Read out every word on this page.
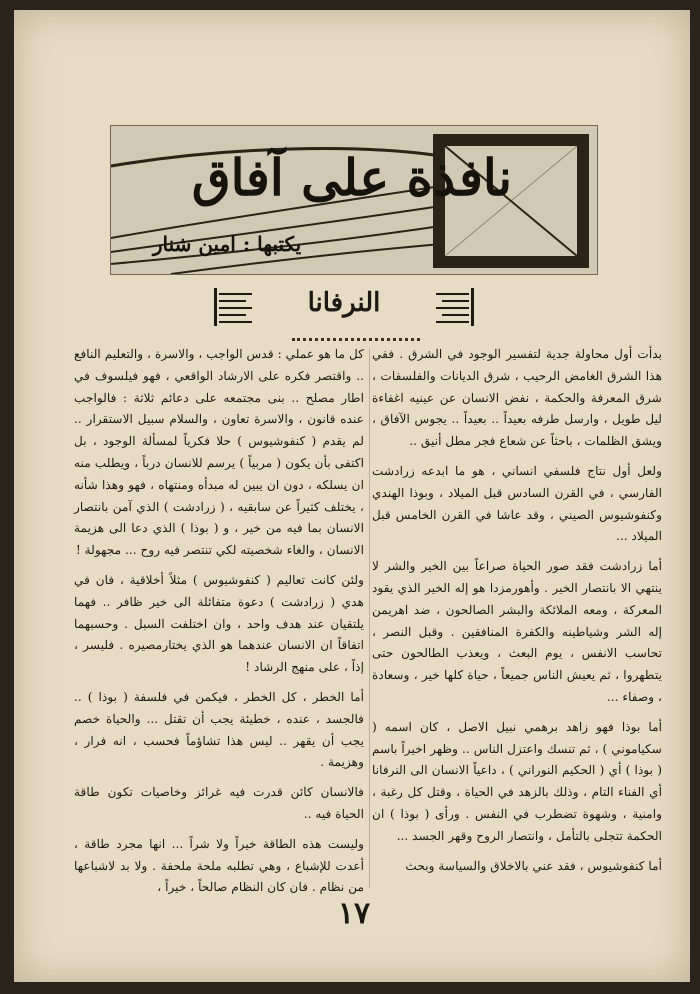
نافذة على آفاق
يكتبها : امين شنار
النرفانا

بدأت أول محاولة جدية لتفسير الوجود في الشرق . ففي هذا الشرق الغامض الرحيب ، شرق الديانات والفلسفات ، شرق المعرفة والحكمة ، نفض الانسان عن عينيه اغفاءة ليل طويل ، وارسل طرفه بعيداً .. بعيداً .. يجوس الآفاق ، ويشق الظلمات ، باحثاً عن شعاع فجر مطل أنيق ..

ولعل أول نتاج فلسفي انساني ، هو ما ابدعه زرادشت الفارسي ، في القرن السادس قبل الميلاد ، وبوذا الهندي وكنفوشيوس الصيني ، وقد عاشا في القرن الخامس قبل الميلاد ...

أما زرادشت فقد صور الحياة صراعاً بين الخير والشر لا ينتهي الا بانتصار الخير . وأهورمزدا هو إله الخير الذي يقود المعركة ، ومعه الملائكة والبشر الصالحون ، ضد اهريمن إله الشر وشياطينه والكفرة المنافقين . وقبل النصر ، تحاسب الانفس ، يوم البعث ، ويعذب الطالحون حتى يتطهروا ، ثم يعيش الناس جميعاً ، حياة كلها خير ، وسعادة ، وصفاء ...

أما بوذا فهو زاهد برهمي نبيل الاصل ، كان اسمه ( سكياموني ) ، ثم تنسك واعتزل الناس .. وظهر اخيراً باسم ( بوذا ) أي ( الحكيم النوراني ) ، داعياً الانسان الى النرفانا أي الفناء التام ، وذلك بالزهد في الحياة ، وقتل كل رغبة ، وامنية ، وشهوة تضطرب في النفس . ورأى ( بوذا ) ان الحكمة تتجلى بالتأمل ، وانتصار الروح وقهر الجسد ...

أما كنفوشيوس ، فقد عني بالاخلاق والسياسة وبحث

كل ما هو عملي : قدس الواجب ، والاسرة ، والتعليم النافع .. واقتصر فكره على الارشاد الواقعي ، فهو فيلسوف في اطار مصلح .. بنى مجتمعه على دعائم ثلاثة : فالواجب عنده قانون ، والاسرة تعاون ، والسلام سبيل الاستقرار .. لم يقدم ( كنفوشيوس ) حلا فكرياً لمسألة الوجود ، بل اكتفى بأن يكون ( مربياً ) يرسم للانسان درباً ، ويطلب منه ان يسلكه ، دون ان يبين له مبدأه ومنتهاه ، فهو وهذا شأنه ، يختلف كثيراً عن سابقيه ، ( زرادشت ) الذي آمن بانتصار الانسان بما فيه من خير ، و ( بوذا ) الذي دعا الى هزيمة الانسان ، والغاء شخصيته لكي تنتصر فيه روح ... مجهولة !

ولئن كانت تعاليم ( كنفوشيوس ) مثلاً أخلاقية ، فان في هدي ( زرادشت ) دعوة متفائلة الى خير ظافر .. فهما يلتقيان عند هدف واحد ، وان اختلفت السبل . وحسبهما اتفاقاً ان الانسان عندهما هو الذي يختارمصيره . فليسر ، إذاً ، على منهج الرشاد !

أما الخطر ، كل الخطر ، فيكمن في فلسفة ( بوذا ) .. فالجسد ، عنده ، خطيئة يجب أن تقتل ... والحياة خصم يجب أن يقهر .. ليس هذا تشاؤماً فحسب ، انه فرار ، وهزيمة .

فالانسان كائن قدرت فيه غرائز وخاصيات تكون طاقة الحياة فيه ..

وليست هذه الطاقة خيراً ولا شراً ... انها مجرد طاقة ، أعدت للإشباع ، وهي تطلبه ملحة ملحفة . ولا بد لاشباعها من نظام . فان كان النظام صالحاً ، خيراً ،

١٧
